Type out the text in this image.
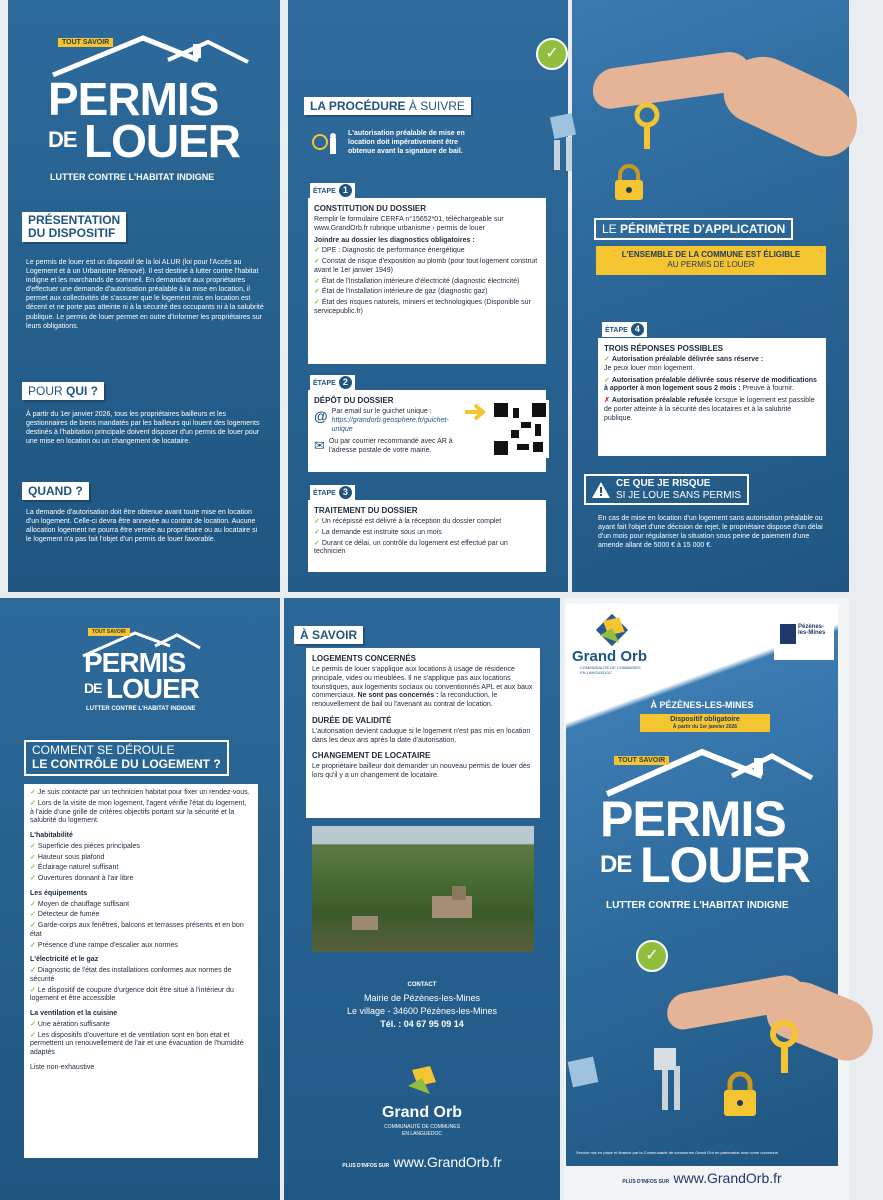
TOUT SAVOIR
PERMIS
DE LOUER
LUTTER CONTRE L'HABITAT INDIGNE
PRÉSENTATION
DU DISPOSITIF
Le permis de louer est un dispositif de la loi ALUR (loi pour l'Accès au Logement et à un Urbanisme Rénové). Il est destiné à lutter contre l'habitat indigne et les marchands de sommeil. En demandant aux propriétaires d'effectuer une demande d'autorisation préalable à la mise en location, il permet aux collectivités de s'assurer que le logement mis en location est décent et ne porte pas atteinte ni à la sécurité des occupants ni à la salubrité publique. Le permis de louer permet en outre d'informer les propriétaires sur leurs obligations.
POUR QUI ?
À partir du 1er janvier 2026, tous les propriétaires bailleurs et les gestionnaires de biens mandatés par les bailleurs qui louent des logements destinés à l'habitation principale doivent disposer d'un permis de louer pour une mise en location ou un changement de locataire.
QUAND ?
La demande d'autorisation doit être obtenue avant toute mise en location d'un logement. Celle-ci devra être annexée au contrat de location. Aucune allocation logement ne pourra être versée au propriétaire ou au locataire si le logement n'a pas fait l'objet d'un permis de louer favorable.
LA PROCÉDURE À SUIVRE
L'autorisation préalable de mise en location doit impérativement être obtenue avant la signature de bail.
ÉTAPE 1
CONSTITUTION DU DOSSIER
Remplir le formulaire CERFA n°15652*01, téléchargeable sur www.GrandOrb.fr rubrique urbanisme › permis de louer
Joindre au dossier les diagnostics obligatoires :
✓ DPE : Diagnostic de performance énergétique
✓ Constat de risque d'exposition au plomb (pour tout logement construit avant le 1er janvier 1949)
✓ État de l'installation intérieure d'électricité (diagnostic électricité)
✓ État de l'installation intérieure de gaz (diagnostic gaz)
✓ État des risques naturels, miniers et technologiques (Disponible sur servicepublic.fr)
ÉTAPE 2
DÉPÔT DU DOSSIER
@ Par email sur le guichet unique :
https://grandorb.geosphere.fr/guichet-unique
✉ Ou par courrier recommandé avec AR à l'adresse postale de votre mairie.
ÉTAPE 3
TRAITEMENT DU DOSSIER
✓ Un récépissé est délivré à la réception du dossier complet
✓ La demande est instruite sous un mois
✓ Durant ce délai, un contrôle du logement est effectué par un technicien
✓
LE PÉRIMÈTRE D'APPLICATION
L'ENSEMBLE DE LA COMMUNE EST ÉLIGIBLE
AU PERMIS DE LOUER
ÉTAPE 4
TROIS RÉPONSES POSSIBLES
✓ Autorisation préalable délivrée sans réserve :
Je peux louer mon logement.
✓ Autorisation préalable délivrée sous réserve de modifications à apporter à mon logement sous 2 mois : Preuve à fournir.
✗ Autorisation préalable refusée lorsque le logement est passible de porter atteinte à la sécurité des locataires et à la salubrité publique.
CE QUE JE RISQUE
SI JE LOUE SANS PERMIS
En cas de mise en location d'un logement sans autorisation préalable ou ayant fait l'objet d'une décision de rejet, le propriétaire dispose d'un délai d'un mois pour régulariser la situation sous peine de paiement d'une amende allant de 5000 € à 15 000 €.
TOUT SAVOIR
PERMIS
DE LOUER
LUTTER CONTRE L'HABITAT INDIGNE
COMMENT SE DÉROULE
LE CONTRÔLE DU LOGEMENT ?
✓ Je suis contacté par un technicien habitat pour fixer un rendez-vous.
✓ Lors de la visite de mon logement, l'agent vérifie l'état du logement, à l'aide d'une grille de critères objectifs portant sur la sécurité et la salubrité du logement.
L'habitabilité
✓ Superficie des pièces principales
✓ Hauteur sous plafond
✓ Éclairage naturel suffisant
✓ Ouvertures donnant à l'air libre
Les équipements
✓ Moyen de chauffage suffisant
✓ Détecteur de fumée
✓ Garde-corps aux fenêtres, balcons et terrasses présents et en bon état
✓ Présence d'une rampe d'escalier aux normes
L'électricité et le gaz
✓ Diagnostic de l'état des installations conformes aux normes de sécurité
✓ Le dispositif de coupure d'urgence doit être situé à l'intérieur du logement et être accessible
La ventilation et la cuisine
✓ Une aération suffisante
✓ Les dispositifs d'ouverture et de ventilation sont en bon état et permettent un renouvellement de l'air et une évacuation de l'humidité adaptés
Liste non-exhaustive
À SAVOIR
LOGEMENTS CONCERNÉS
Le permis de louer s'applique aux locations à usage de résidence principale, vides ou meublées. Il ne s'applique pas aux locations touristiques, aux logements sociaux ou conventionnés APL et aux baux commerciaux. Ne sont pas concernés : la reconduction, le renouvellement de bail ou l'avenant au contrat de location.
DURÉE DE VALIDITÉ
L'autorisation devient caduque si le logement n'est pas mis en location dans les deux ans après la date d'autorisation.
CHANGEMENT DE LOCATAIRE
Le propriétaire bailleur doit demander un nouveau permis de louer dès lors qu'il y a un changement de locataire.
CONTACT
Mairie de Pézènes-les-Mines
Le village - 34600 Pézènes-les-Mines
Tél. : 04 67 95 09 14
Grand Orb
COMMUNAUTÉ DE COMMUNES
EN LANGUEDOC
PLUS D'INFOS SUR www.GrandOrb.fr
Grand Orb
COMMUNAUTÉ DE COMMUNES
EN LANGUEDOC
Pézènes-les-Mines
À PÉZÈNES-LES-MINES
Dispositif obligatoire
À partir du 1er janvier 2026
TOUT SAVOIR
PERMIS
DE LOUER
LUTTER CONTRE L'HABITAT INDIGNE
✓
Service mis en place et financé par la Communauté de communes Grand Orb en partenariat avec votre commune.
PLUS D'INFOS SUR www.GrandOrb.fr
